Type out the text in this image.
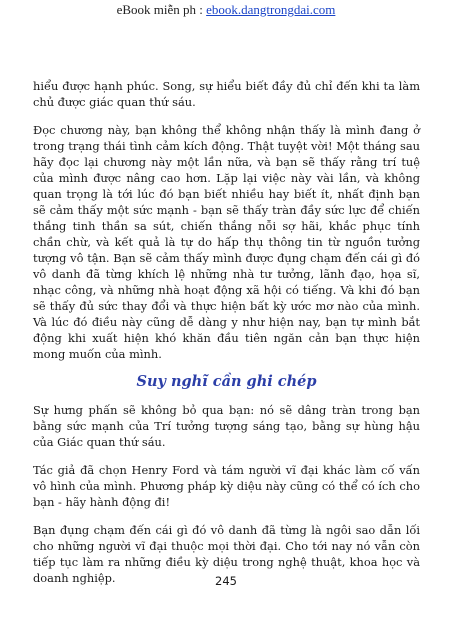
eBook miễn ph : ebook.dangtrongdai.com

hiểu được hạnh phúc. Song, sự hiểu biết đầy đủ chỉ đến khi ta làm chủ được giác quan thứ sáu.

Đọc chương này, bạn không thể không nhận thấy là mình đang ở trong trạng thái tình cảm kích động. Thật tuyệt vời! Một tháng sau hãy đọc lại chương này một lần nữa, và bạn sẽ thấy rằng trí tuệ của mình được nâng cao hơn. Lặp lại việc này vài lần, và không quan trọng là tới lúc đó bạn biết nhiều hay biết ít, nhất định bạn sẽ cảm thấy một sức mạnh - bạn sẽ thấy tràn đầy sức lực để chiến thắng tinh thần sa sút, chiến thắng nỗi sợ hãi, khắc phục tính chần chừ, và kết quả là tự do hấp thụ thông tin từ nguồn tưởng tượng vô tận. Bạn sẽ cảm thấy mình được đụng chạm đến cái gì đó vô danh đã từng khích lệ những nhà tư tưởng, lãnh đạo, họa sĩ, nhạc công, và những nhà hoạt động xã hội có tiếng. Và khi đó bạn sẽ thấy đủ sức thay đổi và thực hiện bất kỳ ước mơ nào của mình. Và lúc đó điều này cũng dễ dàng y như hiện nay, bạn tự mình bắt động khi xuất hiện khó khăn đầu tiên ngăn cản bạn thực hiện mong muốn của mình.

Suy nghĩ cần ghi chép

Sự hưng phấn sẽ không bỏ qua bạn: nó sẽ dâng tràn trong bạn bằng sức mạnh của Trí tưởng tượng sáng tạo, bằng sự hùng hậu của Giác quan thứ sáu.

Tác giả đã chọn Henry Ford và tám người vĩ đại khác làm cố vấn vô hình của mình. Phương pháp kỳ diệu này cũng có thể có ích cho bạn - hãy hành động đi!

Bạn đụng chạm đến cái gì đó vô danh đã từng là ngôi sao dẫn lối cho những người vĩ đại thuộc mọi thời đại. Cho tới nay nó vẫn còn tiếp tục làm ra những điều kỳ diệu trong nghệ thuật, khoa học và doanh nghiệp.	245
